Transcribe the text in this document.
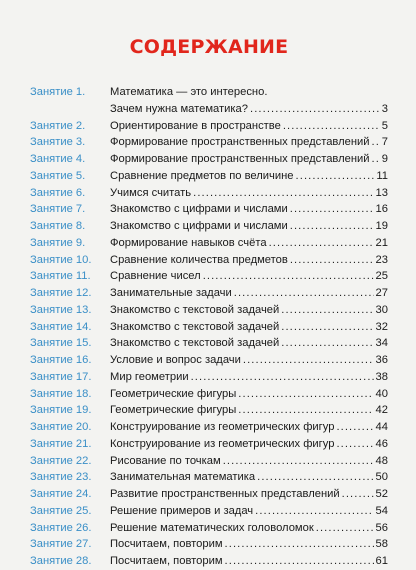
СОДЕРЖАНИЕ
Занятие 1.	Математика — это интересно.
Зачем нужна математика? .....	3
Занятие 2.	Ориентирование в пространстве .....	5
Занятие 3.	Формирование пространственных представлений ..... 7
Занятие 4.	Формирование пространственных представлений ..... 9
Занятие 5.	Сравнение предметов по величине .....	11
Занятие 6.	Учимся считать .....	13
Занятие 7.	Знакомство с цифрами и числами .....	16
Занятие 8.	Знакомство с цифрами и числами .....	19
Занятие 9.	Формирование навыков счёта .....	21
Занятие 10.	Сравнение количества предметов .....	23
Занятие 11.	Сравнение чисел .....	25
Занятие 12.	Занимательные задачи .....	27
Занятие 13.	Знакомство с текстовой задачей .....	30
Занятие 14.	Знакомство с текстовой задачей .....	32
Занятие 15.	Знакомство с текстовой задачей .....	34
Занятие 16.	Условие и вопрос задачи .....	36
Занятие 17.	Мир геометрии .....	38
Занятие 18.	Геометрические фигуры .....	40
Занятие 19.	Геометрические фигуры .....	42
Занятие 20.	Конструирование из геометрических фигур .....	44
Занятие 21.	Конструирование из геометрических фигур .....	46
Занятие 22.	Рисование по точкам .....	48
Занятие 23.	Занимательная математика .....	50
Занятие 24.	Развитие пространственных представлений .....	52
Занятие 25.	Решение примеров и задач .....	54
Занятие 26.	Решение математических головоломок .....	56
Занятие 27.	Посчитаем, повторим .....	58
Занятие 28.	Посчитаем, повторим .....	61
